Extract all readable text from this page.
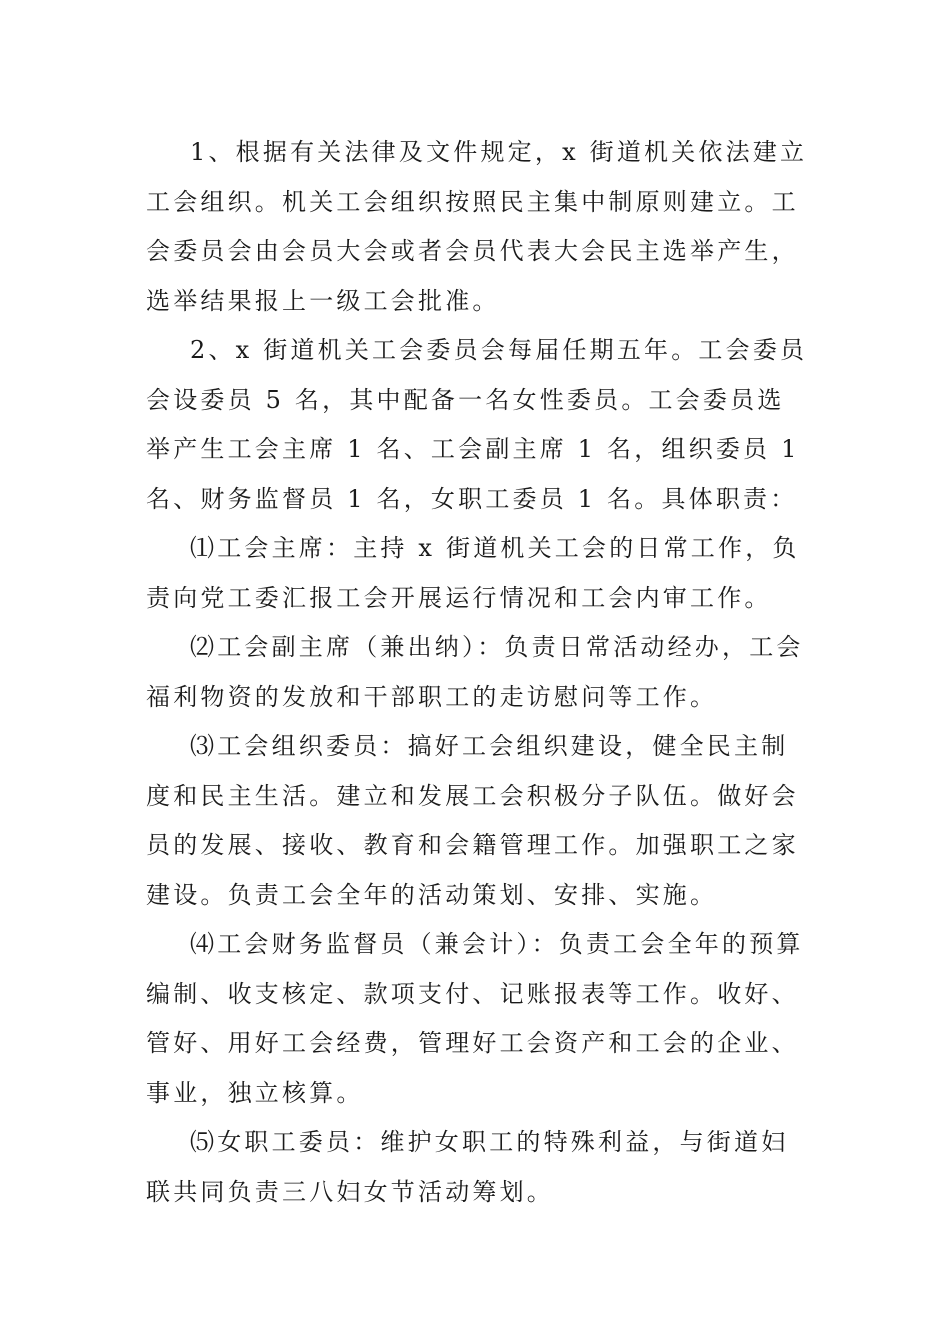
1、根据有关法律及文件规定，x 街道机关依法建立工会组织。机关工会组织按照民主集中制原则建立。工会委员会由会员大会或者会员代表大会民主选举产生，选举结果报上一级工会批准。

2、x 街道机关工会委员会每届任期五年。工会委员会设委员 5 名，其中配备一名女性委员。工会委员选举产生工会主席 1 名、工会副主席 1 名，组织委员 1 名、财务监督员 1 名，女职工委员 1 名。具体职责：

⑴工会主席：主持 x 街道机关工会的日常工作，负责向党工委汇报工会开展运行情况和工会内审工作。

⑵工会副主席（兼出纳）：负责日常活动经办，工会福利物资的发放和干部职工的走访慰问等工作。

⑶工会组织委员：搞好工会组织建设，健全民主制度和民主生活。建立和发展工会积极分子队伍。做好会员的发展、接收、教育和会籍管理工作。加强职工之家建设。负责工会全年的活动策划、安排、实施。

⑷工会财务监督员（兼会计）：负责工会全年的预算编制、收支核定、款项支付、记账报表等工作。收好、管好、用好工会经费，管理好工会资产和工会的企业、事业，独立核算。

⑸女职工委员：维护女职工的特殊利益，与街道妇联共同负责三八妇女节活动筹划。
